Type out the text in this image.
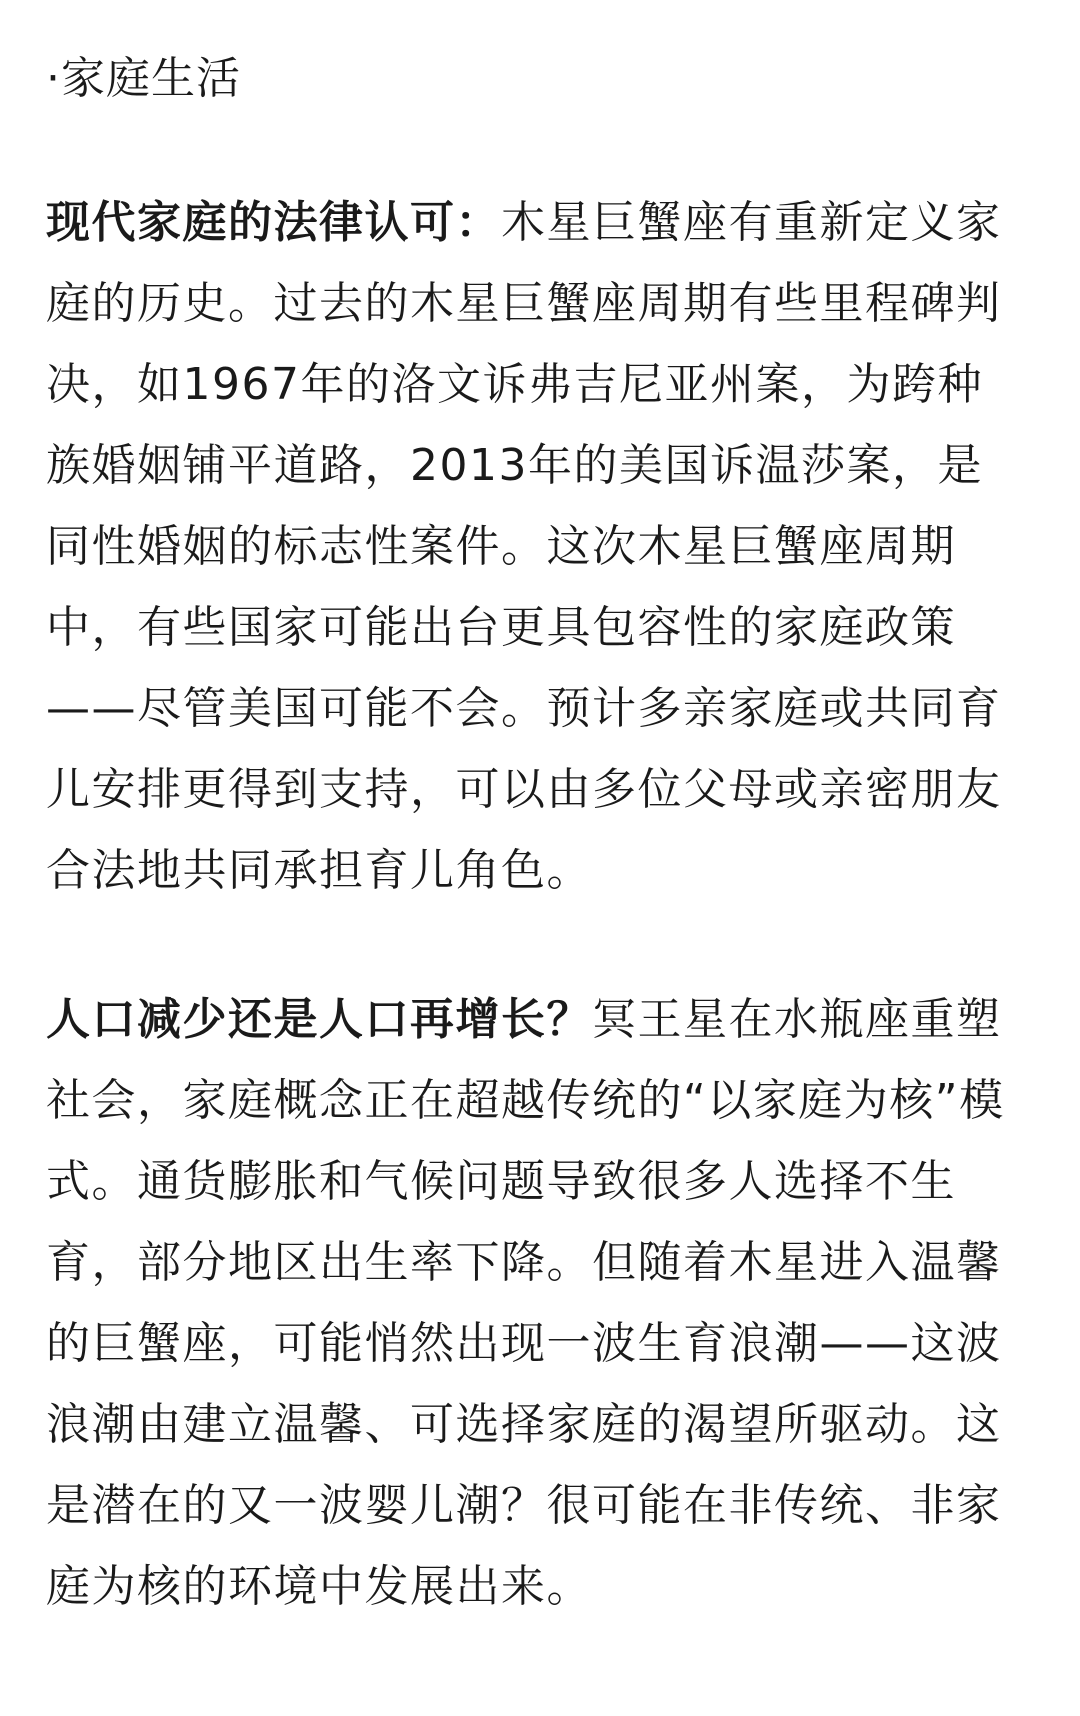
·家庭生活

现代家庭的法律认可：木星巨蟹座有重新定义家庭的历史。过去的木星巨蟹座周期有些里程碑判决，如1967年的洛文诉弗吉尼亚州案，为跨种族婚姻铺平道路，2013年的美国诉温莎案，是同性婚姻的标志性案件。这次木星巨蟹座周期中，有些国家可能出台更具包容性的家庭政策——尽管美国可能不会。预计多亲家庭或共同育儿安排更得到支持，可以由多位父母或亲密朋友合法地共同承担育儿角色。

人口减少还是人口再增长？冥王星在水瓶座重塑社会，家庭概念正在超越传统的“以家庭为核”模式。通货膨胀和气候问题导致很多人选择不生育，部分地区出生率下降。但随着木星进入温馨的巨蟹座，可能悄然出现一波生育浪潮——这波浪潮由建立温馨、可选择家庭的渴望所驱动。这是潜在的又一波婴儿潮？很可能在非传统、非家庭为核的环境中发展出来。
